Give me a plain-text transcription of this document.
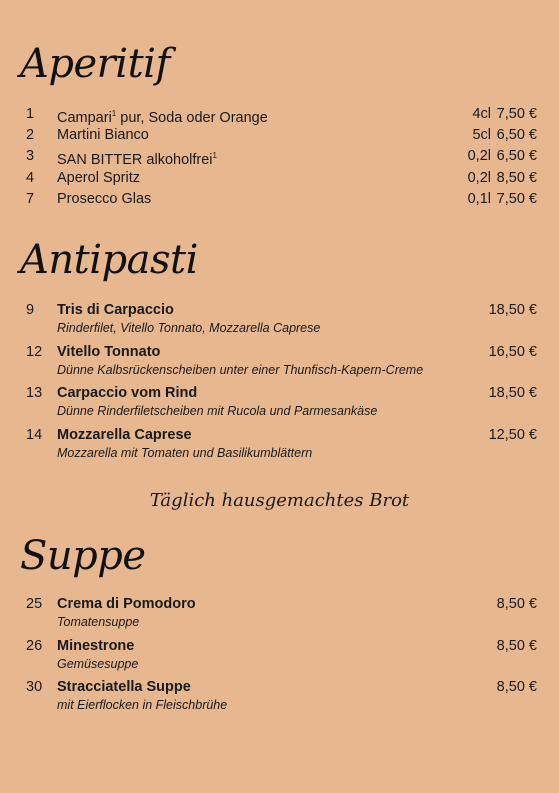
Aperitif
1 Campari$^1$ pur, Soda oder Orange	4cl 7,50 €
2 Martini Bianco	5cl 6,50 €
3 SAN BITTER alkoholfrei$^1$	0,2l 6,50 €
4 Aperol Spritz	0,2l 8,50 €
7 Prosecco Glas	0,1l 7,50 €
Antipasti
9 Tris di Carpaccio	18,50 €
Rinderfilet, Vitello Tonnato, Mozzarella Caprese
12 Vitello Tonnato	16,50 €
Dünne Kalbsrückenscheiben unter einer Thunfisch-Kapern-Creme
13 Carpaccio vom Rind	18,50 €
Dünne Rinderfiletscheiben mit Rucola und Parmesankäse
14 Mozzarella Caprese	12,50 €
Mozzarella mit Tomaten und Basilikumblättern
Täglich hausgemachtes Brot
Suppe
25 Crema di Pomodoro	8,50 €
Tomatensuppe
26 Minestrone	8,50 €
Gemüsesuppe
30 Stracciatella Suppe	8,50 €
mit Eierflocken in Fleischbrühe
